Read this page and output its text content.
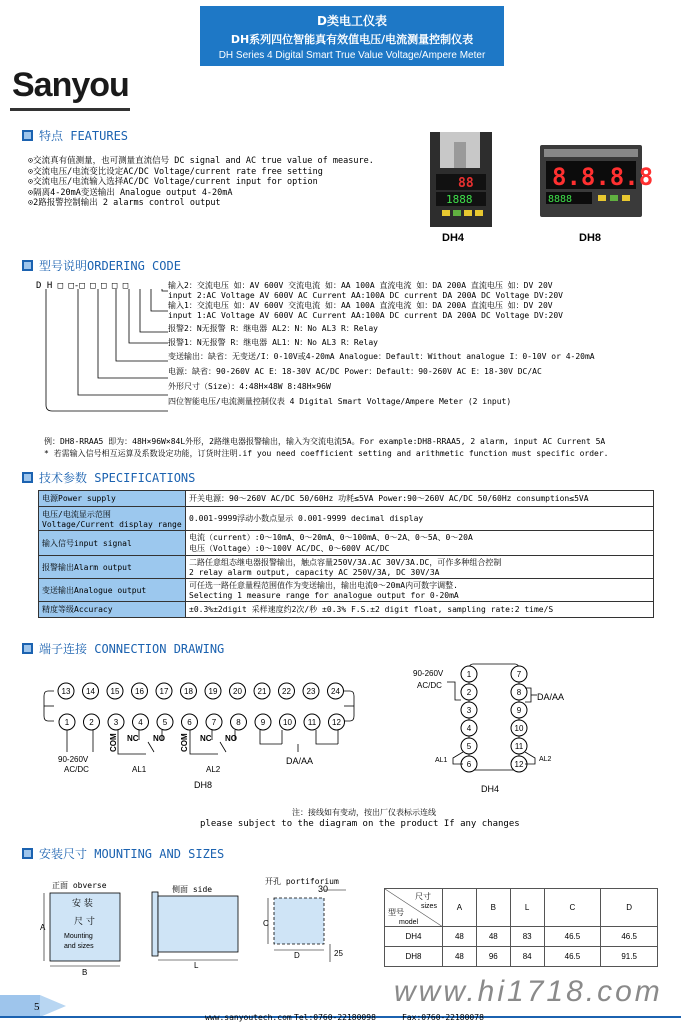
D类电工仪表
DH系列四位智能真有效值电压/电流测量控制仪表
DH Series 4 Digital Smart True Value Voltage/Ampere Meter
Sanyou
特点 FEATURES
⊙交流真有值测量，也可测量直流信号 DC signal and AC true value of measure.
⊙交流电压/电流变比设定AC/DC Voltage/current rate free setting
⊙交流电压/电流输入选择AC/DC Voltage/current input for option
⊙隔离4-20mA变送输出 Analogue output 4-20mA
⊙2路报警控制输出 2 alarms control output
88
1888
DH4
8.8.8.8
8888
DH8
型号说明ORDERING CODE
D H □ □-□ □ □ □ □	输入2：交流电压 如：AV 600V 交流电流 如：AA 100A 直流电流 如：DA 200A 直流电压 如：DV 20V
input 2:AC Voltage AV 600V AC Current AA:100A DC current DA 200A DC Voltage DV:20V
输入1：交流电压 如：AV 600V 交流电流 如：AA 100A 直流电流 如：DA 200A 直流电压 如：DV 20V
input 1:AC Voltage AV 600V AC Current AA:100A DC current DA 200A DC Voltage DV:20V
报警2：N无报警 R：继电器 AL2：N：No AL3 R：Relay
报警1：N无报警 R：继电器 AL1：N：No AL3 R：Relay
变送输出：缺省：无变送/I：0-10V或4-20mA Analogue：Default：Without analogue I：0-10V or 4-20mA
电源：缺省：90-260V AC E：18-30V AC/DC Power：Default：90-260V AC E：18-30V DC/AC
外形尺寸（Size）：4:48H×48W 8:48H×96W
四位智能电压/电流测量控制仪表 4 Digital Smart Voltage/Ampere Meter (2 input)
例：DH8-RRAA5 即为：48H×96W×84L外形，2路继电器报警输出，输入为交流电流5A。For example:DH8-RRAA5, 2 alarm, input AC Current 5A
* 若需输入信号相互运算及系数设定功能，订货时注明.if you need coefficient setting and arithmetic function must specific order.
技术参数 SPECIFICATIONS
电源Power supply	开关电源：90～260V AC/DC 50/60Hz 功耗≤5VA Power:90～260V AC/DC 50/60Hz consumption≤5VA

电压/电流显示范围 Voltage/Current display range	0.001-9999浮动小数点显示 0.001-9999 decimal display

输入信号input signal	电流（current）:0～10mA、0～20mA、0～100mA、0～2A、0～5A、0～20A
电压（Voltage）:0～100V AC/DC、0～600V AC/DC

报警输出Alarm output	二路任意组态继电器报警输出，触点容量250V/3A.AC 30V/3A.DC，可作多种组合控制
2 relay alarm output, capacity AC 250V/3A, DC 30V/3A

变送输出Analogue output	可任选一路任意量程范围值作为变送输出，输出电流0～20mA内可数字调整.
Selecting 1 measure range for analogue output for 0-20mA

精度等级Accuracy	±0.3%±2digit 采样速度约2次/秒 ±0.3% F.S.±2 digit float, sampling rate:2 time/S
端子连接 CONNECTION DRAWING
13 14 15 16 17 18 19 20 21 22 23 24
1	2	3	4	5	6	7	8	9 10 11 12
90-260V
AC/DC
COM NC NO
AL1
COM NC NO
AL2
DA/AA
DH8
1
2
3
4
5
6
7
8
9
10
11
12
90-260V
AC/DC
DA/AA
AL1	AL2
DH4
注：接线如有变动，按出厂仪表标示连线
please subject to the diagram on the product If any changes
安装尺寸 MOUNTING AND SIZES
正面 obverse
A
B
安 装
尺 寸
Mounting
and sizes
侧面 side
L
开孔 portiforium
30
C
D	25
尺寸
sizes
型号
model	A	B	L	C	D
DH4	48	48	83	46.5	46.5
DH8	48	96	84	46.5	91.5
www.hi1718.com
5
www.sanyoutech.com Tel:0760-22180098	Fax:0760-22180078
